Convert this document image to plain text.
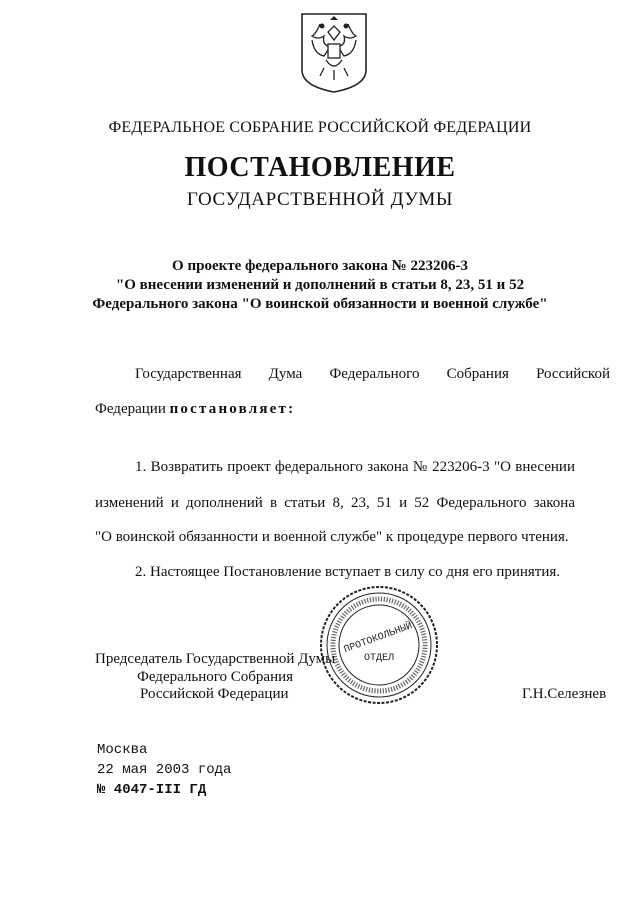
ФЕДЕРАЛЬНОЕ СОБРАНИЕ РОССИЙСКОЙ ФЕДЕРАЦИИ
ПОСТАНОВЛЕНИЕ
ГОСУДАРСТВЕННОЙ ДУМЫ
О проекте федерального закона № 223206-3
"О внесении изменений и дополнений в статьи 8, 23, 51 и 52
Федерального закона "О воинской обязанности и военной службе"
Государственная Дума Федерального Собрания Российской
Федерации постановляет:
1. Возвратить проект федерального закона № 223206-3 "О внесении
изменений и дополнений в статьи 8, 23, 51 и 52 Федерального закона
"О воинской обязанности и военной службе" к процедуре первого чтения.
2. Настоящее Постановление вступает в силу со дня его принятия.
ПРОТОКОЛЬНЫЙ
ОТДЕЛ
Председатель Государственной Думы
Федерального Собрания
Российской Федерации	Г.Н.Селезнев
Москва
22 мая 2003 года
№ 4047-III ГД
